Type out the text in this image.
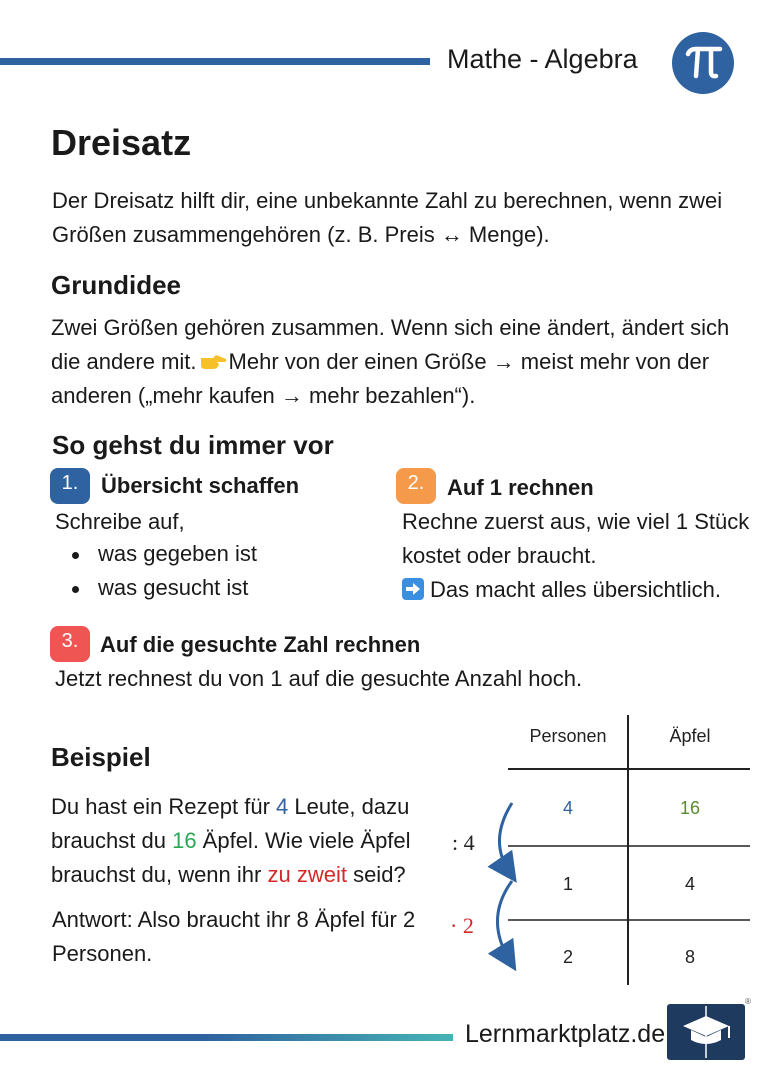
Mathe - Algebra
Dreisatz
Der Dreisatz hilft dir, eine unbekannte Zahl zu berechnen, wenn zwei Größen zusammengehören (z. B. Preis ↔ Menge).
Grundidee
Zwei Größen gehören zusammen. Wenn sich eine ändert, ändert sich die andere mit. Mehr von der einen Größe → meist mehr von der anderen („mehr kaufen → mehr bezahlen“).
So gehst du immer vor
1.	Übersicht schaffen
Schreibe auf,
was gegeben ist
was gesucht ist
2.	Auf 1 rechnen
Rechne zuerst aus, wie viel 1 Stück kostet oder braucht.
Das macht alles übersichtlich.
3. Auf die gesuchte Zahl rechnen
Jetzt rechnest du von 1 auf die gesuchte Anzahl hoch.
Beispiel
Du hast ein Rezept für 4 Leute, dazu brauchst du 16 Äpfel. Wie viele Äpfel brauchst du, wenn ihr zu zweit seid?
Antwort: Also braucht ihr 8 Äpfel für 2 Personen.
Personen	Äpfel
4	16
1	4
2	8
: 4
· 2
Lernmarktplatz.de
®
